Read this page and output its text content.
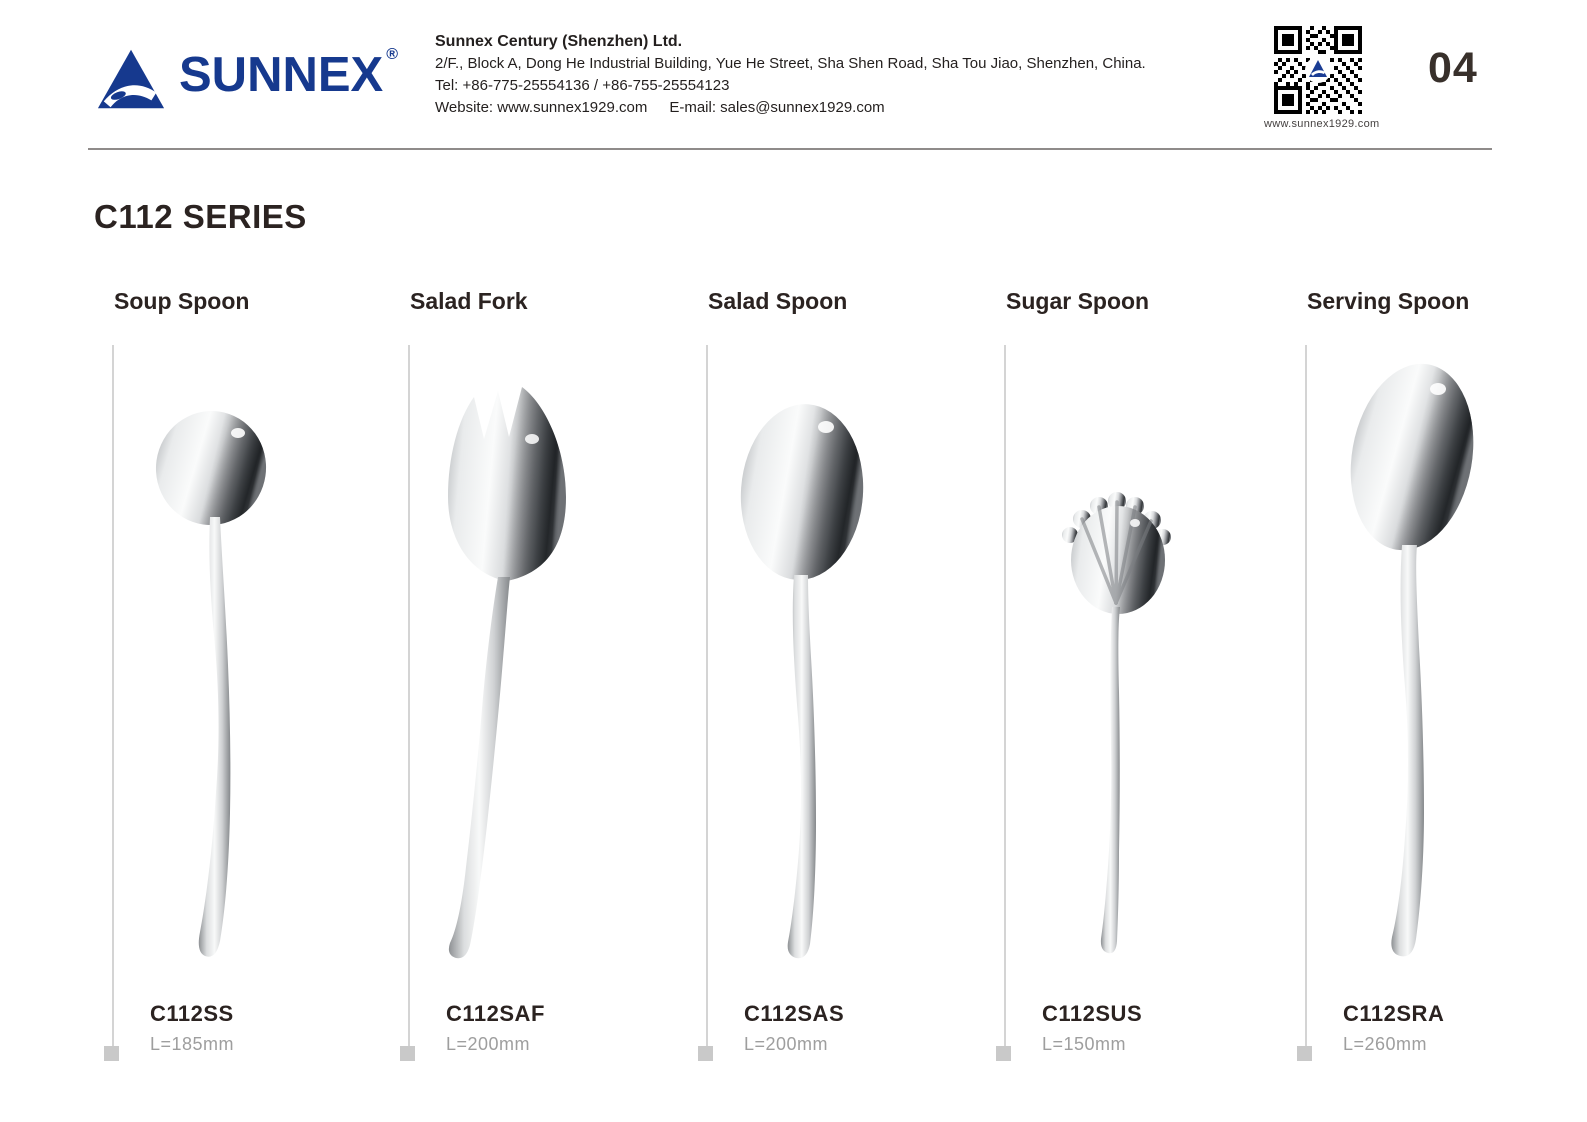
SUNNEX ®
Sunnex Century (Shenzhen) Ltd.
2/F., Block A, Dong He Industrial Building, Yue He Street, Sha Shen Road, Sha Tou Jiao, Shenzhen, China.
Tel: +86-775-25554136 / +86-755-25554123
Website: www.sunnex1929.com E-mail: sales@sunnex1929.com
www.sunnex1929.com
04
C112 SERIES
Soup Spoon
C112SS
L=185mm
Salad Fork
C112SAF
L=200mm
Salad Spoon
C112SAS
L=200mm
Sugar Spoon
C112SUS
L=150mm
Serving Spoon
C112SRA
L=260mm
